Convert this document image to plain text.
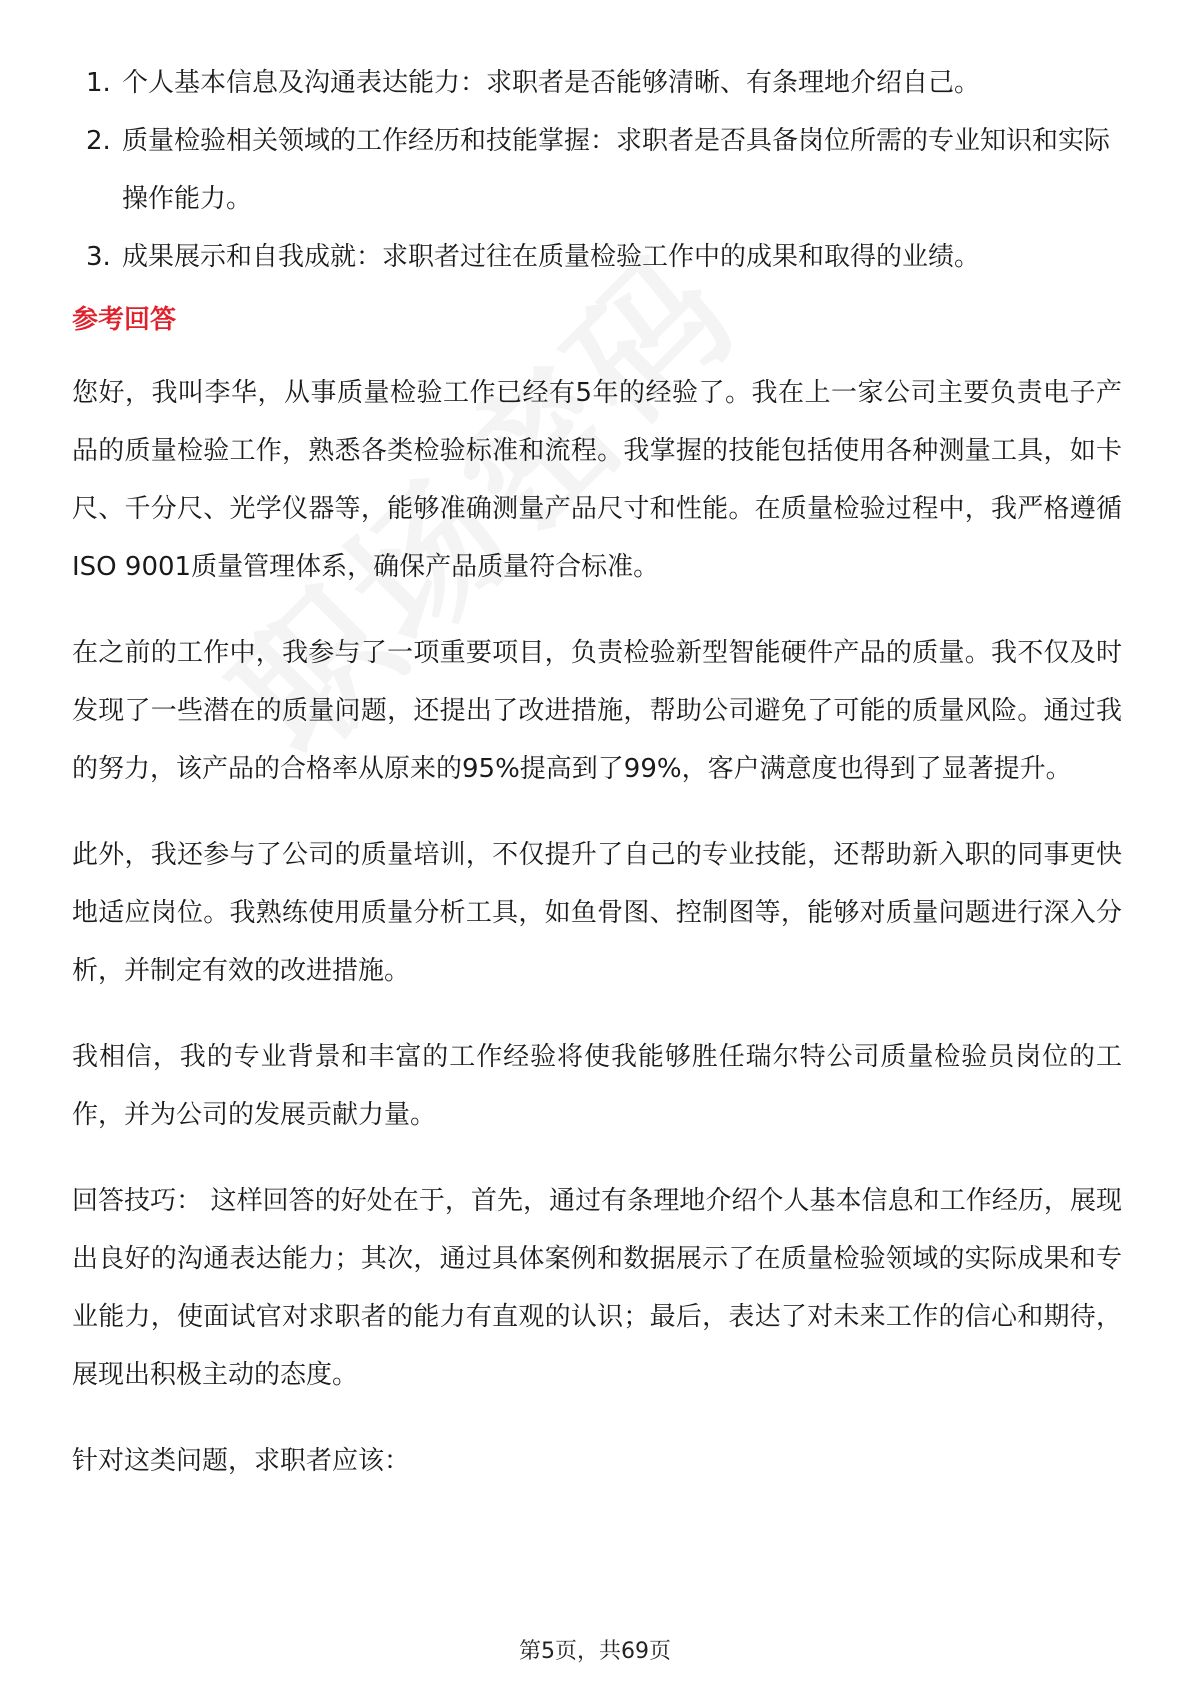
1. 个人基本信息及沟通表达能力：求职者是否能够清晰、有条理地介绍自己。
2. 质量检验相关领域的工作经历和技能掌握：求职者是否具备岗位所需的专业知识和实际操作能力。
3. 成果展示和自我成就：求职者过往在质量检验工作中的成果和取得的业绩。
参考回答

您好，我叫李华，从事质量检验工作已经有5年的经验了。我在上一家公司主要负责电子产品的质量检验工作，熟悉各类检验标准和流程。我掌握的技能包括使用各种测量工具，如卡尺、千分尺、光学仪器等，能够准确测量产品尺寸和性能。在质量检验过程中，我严格遵循ISO 9001质量管理体系，确保产品质量符合标准。

在之前的工作中，我参与了一项重要项目，负责检验新型智能硬件产品的质量。我不仅及时发现了一些潜在的质量问题，还提出了改进措施，帮助公司避免了可能的质量风险。通过我的努力，该产品的合格率从原来的95%提高到了99%，客户满意度也得到了显著提升。

此外，我还参与了公司的质量培训，不仅提升了自己的专业技能，还帮助新入职的同事更快地适应岗位。我熟练使用质量分析工具，如鱼骨图、控制图等，能够对质量问题进行深入分析，并制定有效的改进措施。

我相信，我的专业背景和丰富的工作经验将使我能够胜任瑞尔特公司质量检验员岗位的工作，并为公司的发展贡献力量。

回答技巧： 这样回答的好处在于，首先，通过有条理地介绍个人基本信息和工作经历，展现出良好的沟通表达能力；其次，通过具体案例和数据展示了在质量检验领域的实际成果和专业能力，使面试官对求职者的能力有直观的认识；最后，表达了对未来工作的信心和期待，展现出积极主动的态度。

针对这类问题，求职者应该：

第5页，共69页
